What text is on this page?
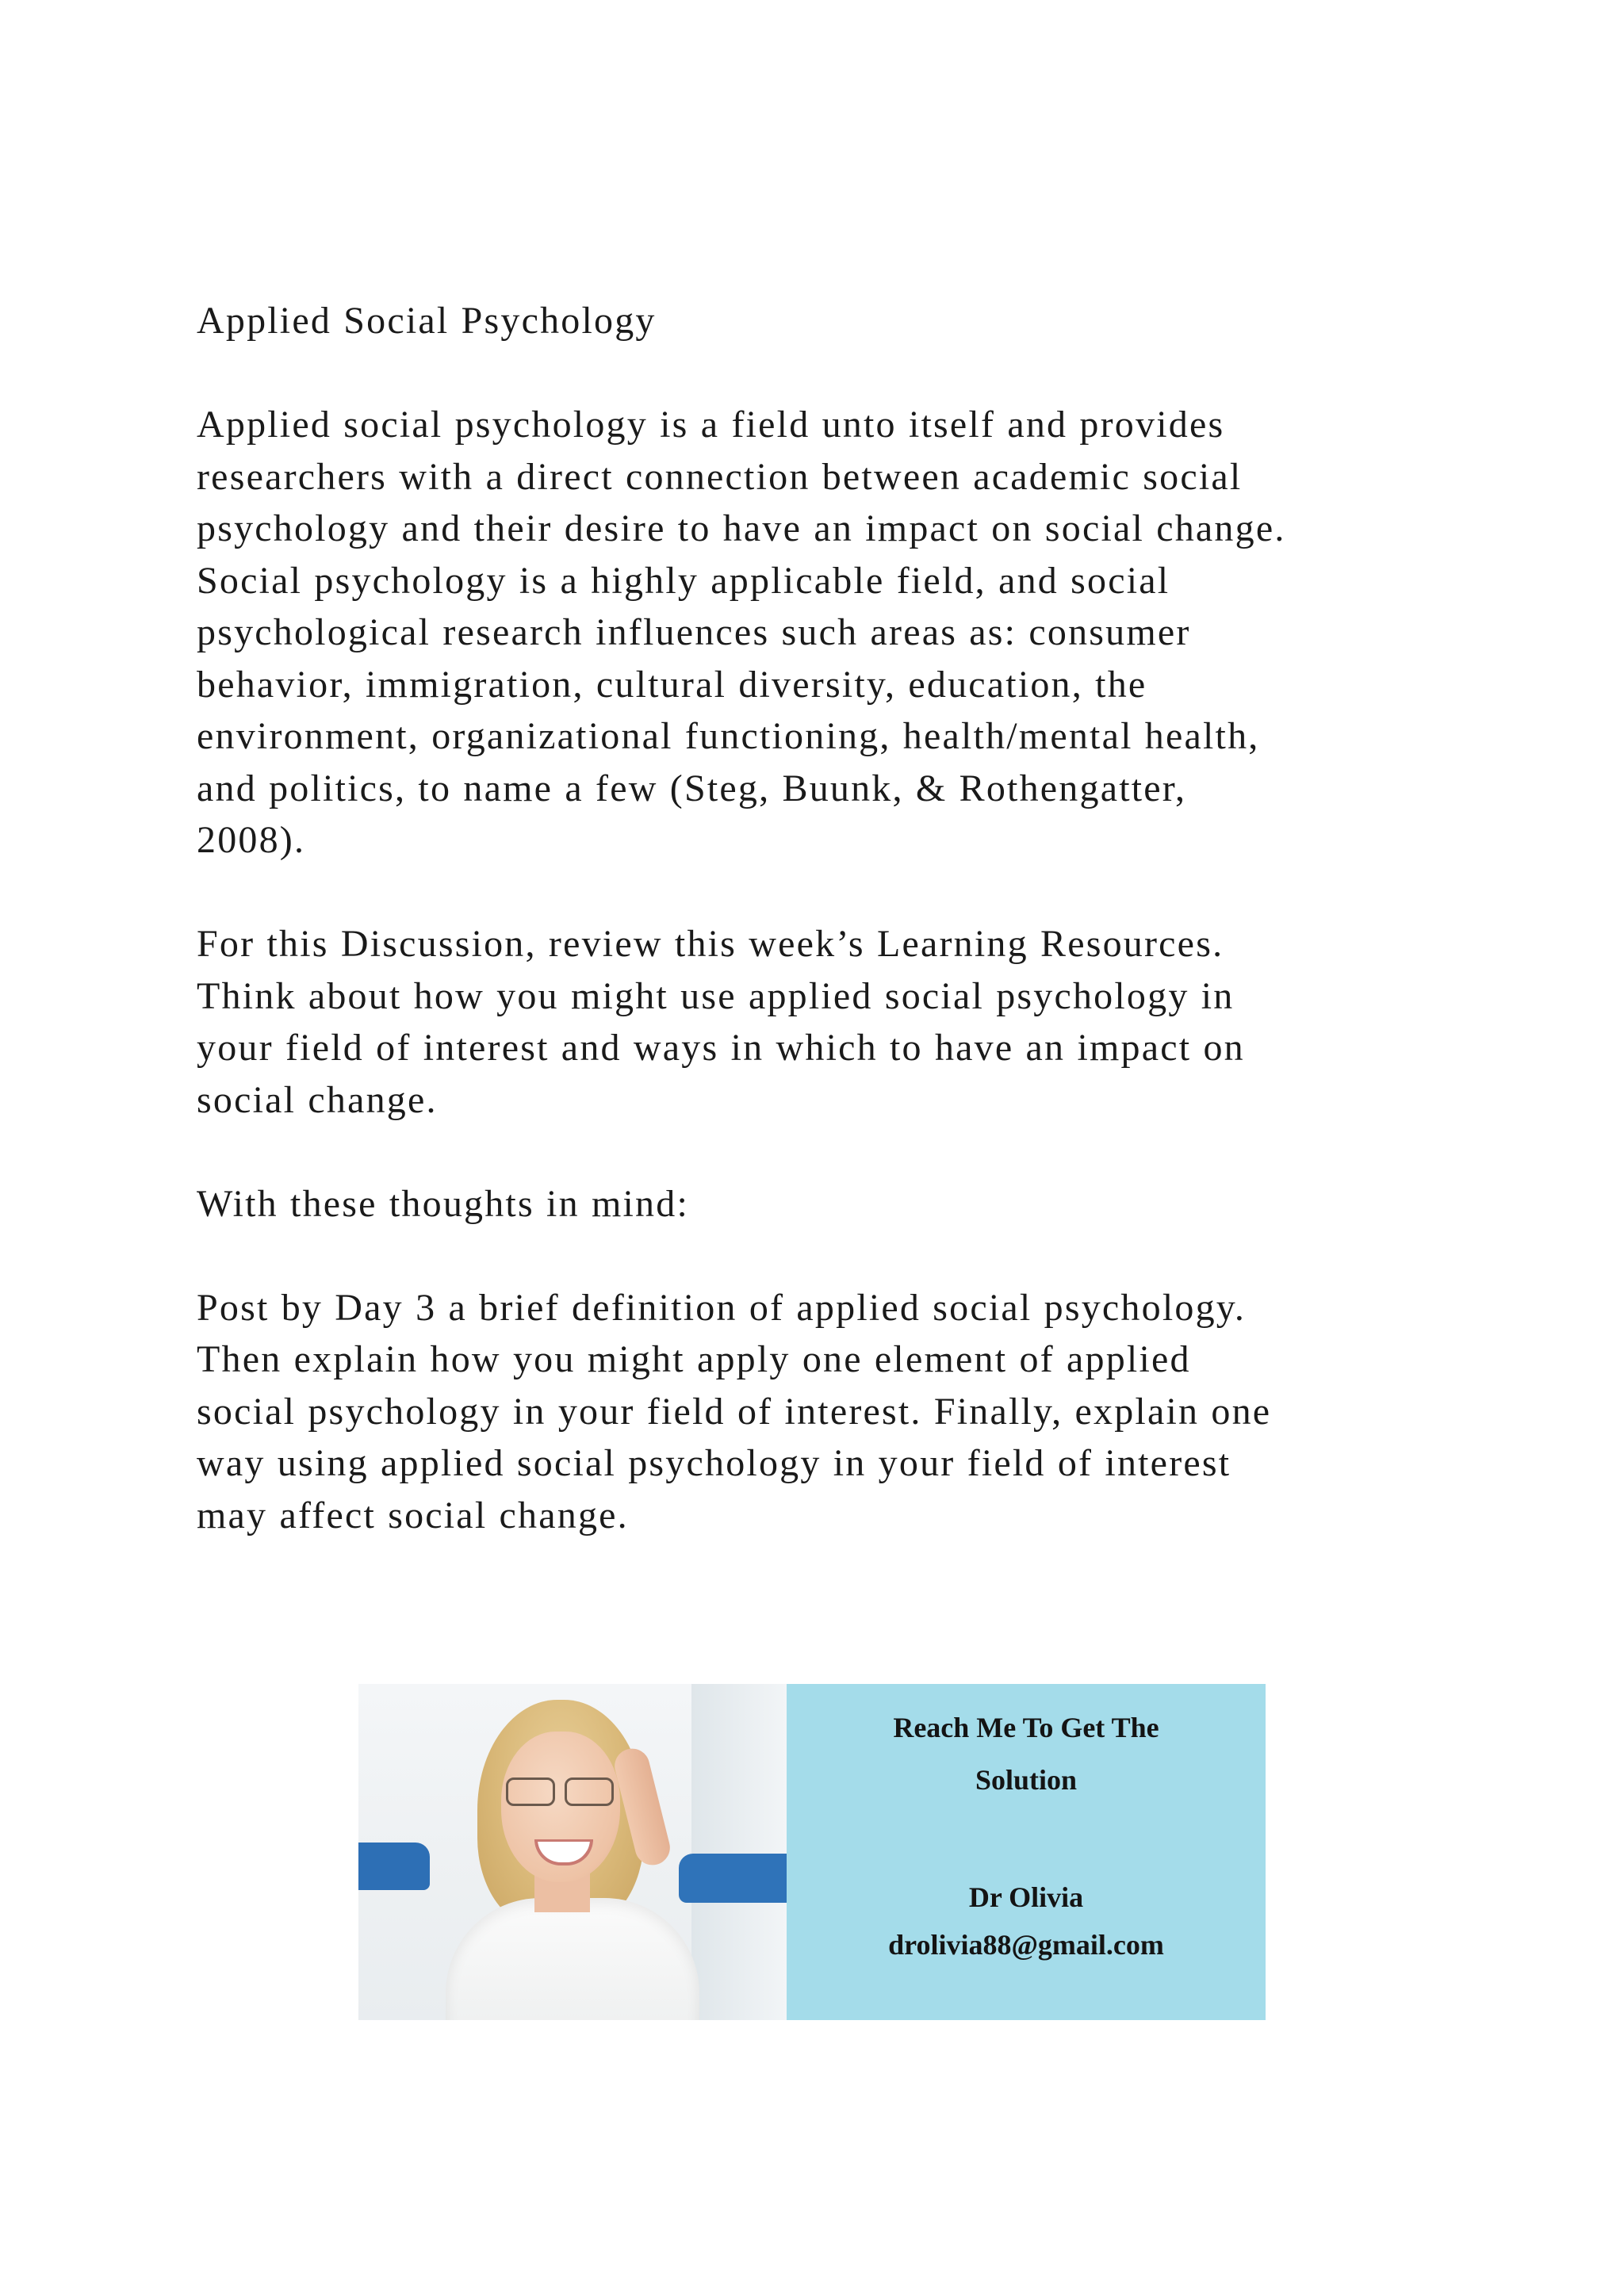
Applied Social Psychology

Applied social psychology is a field unto itself and provides

researchers with a direct connection between academic social

psychology and their desire to have an impact on social change.

Social psychology is a highly applicable field, and social

psychological research influences such areas as: consumer

behavior, immigration, cultural diversity, education, the

environment, organizational functioning, health/mental health,

and politics, to name a few (Steg, Buunk, & Rothengatter,

2008).

For this Discussion, review this week’s Learning Resources.

Think about how you might use applied social psychology in

your field of interest and ways in which to have an impact on

social change.

With these thoughts in mind:

Post by Day 3 a brief definition of applied social psychology.

Then explain how you might apply one element of applied

social psychology in your field of interest. Finally, explain one

way using applied social psychology in your field of interest

may affect social change.

Reach Me To Get The
Solution
Dr Olivia
drolivia88@gmail.com
